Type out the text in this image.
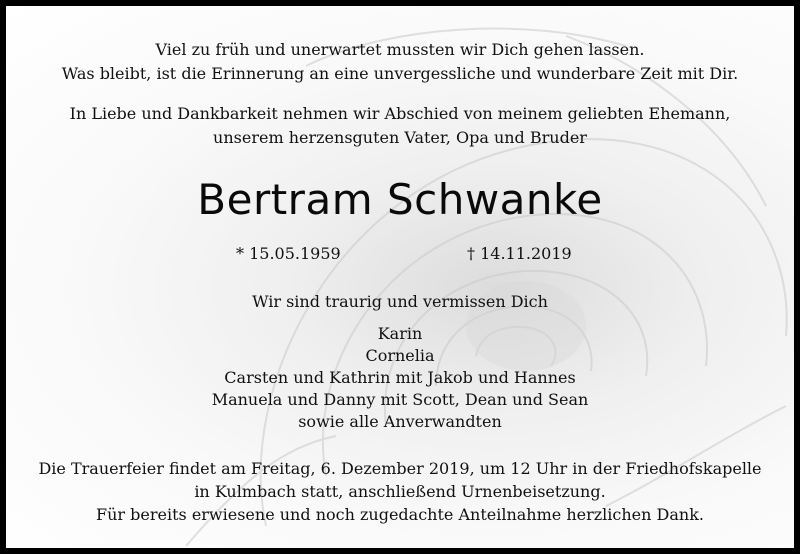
Viel zu früh und unerwartet mussten wir Dich gehen lassen.
Was bleibt, ist die Erinnerung an eine unvergessliche und wunderbare Zeit mit Dir.
In Liebe und Dankbarkeit nehmen wir Abschied von meinem geliebten Ehemann,
unserem herzensguten Vater, Opa und Bruder
Bertram Schwanke
* 15.05.1959	† 14.11.2019
Wir sind traurig und vermissen Dich
Karin
Cornelia
Carsten und Kathrin mit Jakob und Hannes
Manuela und Danny mit Scott, Dean und Sean
sowie alle Anverwandten
Die Trauerfeier findet am Freitag, 6. Dezember 2019, um 12 Uhr in der Friedhofskapelle
in Kulmbach statt, anschließend Urnenbeisetzung.
Für bereits erwiesene und noch zugedachte Anteilnahme herzlichen Dank.
